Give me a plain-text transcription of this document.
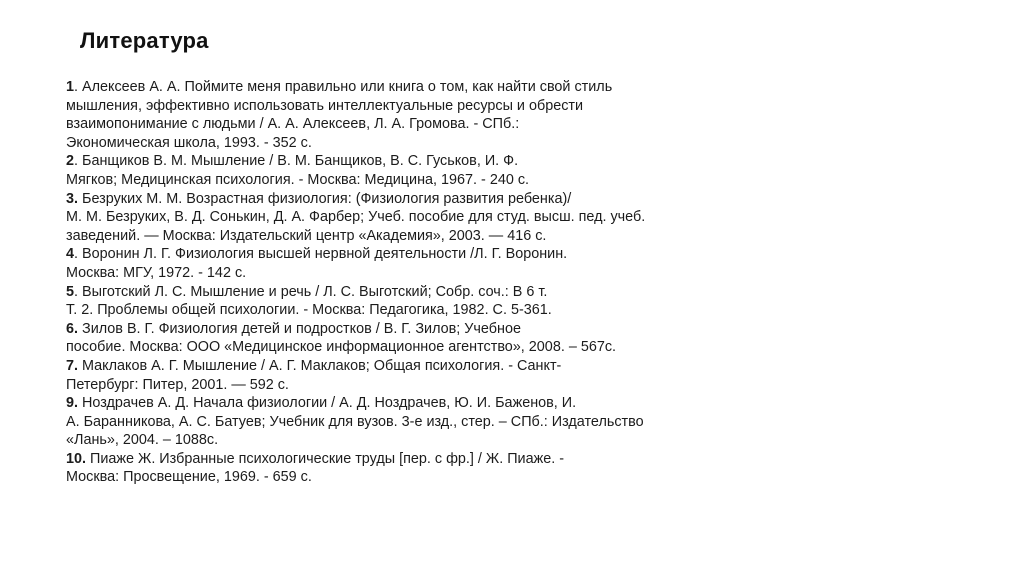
Литература

1. Алексеев А. А. Поймите меня правильно или книга о том, как найти свой стиль

мышления, эффективно использовать интеллектуальные ресурсы и обрести

взаимопонимание с людьми / А. А. Алексеев, Л. А. Громова. - СПб.:

Экономическая школа, 1993. - 352 с.

2. Банщиков В. М. Мышление / В. М. Банщиков, В. С. Гуськов, И. Ф.

Мягков; Медицинская психология. - Москва: Медицина, 1967. - 240 с.

3. Безруких М. М. Возрастная физиология: (Физиология развития ребенка)/

М. М. Безруких, В. Д. Сонькин, Д. А. Фарбер; Учеб. пособие для студ. высш. пед. учеб.

заведений. — Москва: Издательский центр «Академия», 2003. — 416 с.

4. Воронин Л. Г. Физиология высшей нервной деятельности /Л. Г. Воронин.

Москва: МГУ, 1972. - 142 с.

5. Выготский Л. С. Мышление и речь / Л. С. Выготский; Собр. соч.: В 6 т.

Т. 2. Проблемы общей психологии. - Москва: Педагогика, 1982. С. 5-361.

6. Зилов В. Г. Физиология детей и подростков / В. Г. Зилов; Учебное

пособие. Москва: ООО «Медицинское информационное агентство», 2008. – 567с.

7. Маклаков А. Г. Мышление / А. Г. Маклаков; Общая психология. - Санкт-

Петербург: Питер, 2001. — 592 с.

9. Ноздрачев А. Д. Начала физиологии / А. Д. Ноздрачев, Ю. И. Баженов, И.

А. Баранникова, А. С. Батуев; Учебник для вузов. 3-е изд., стер. – СПб.: Издательство

«Лань», 2004. – 1088с.

10. Пиаже Ж. Избранные психологические труды [пер. с фр.] / Ж. Пиаже. -

Москва: Просвещение, 1969. - 659 с.
